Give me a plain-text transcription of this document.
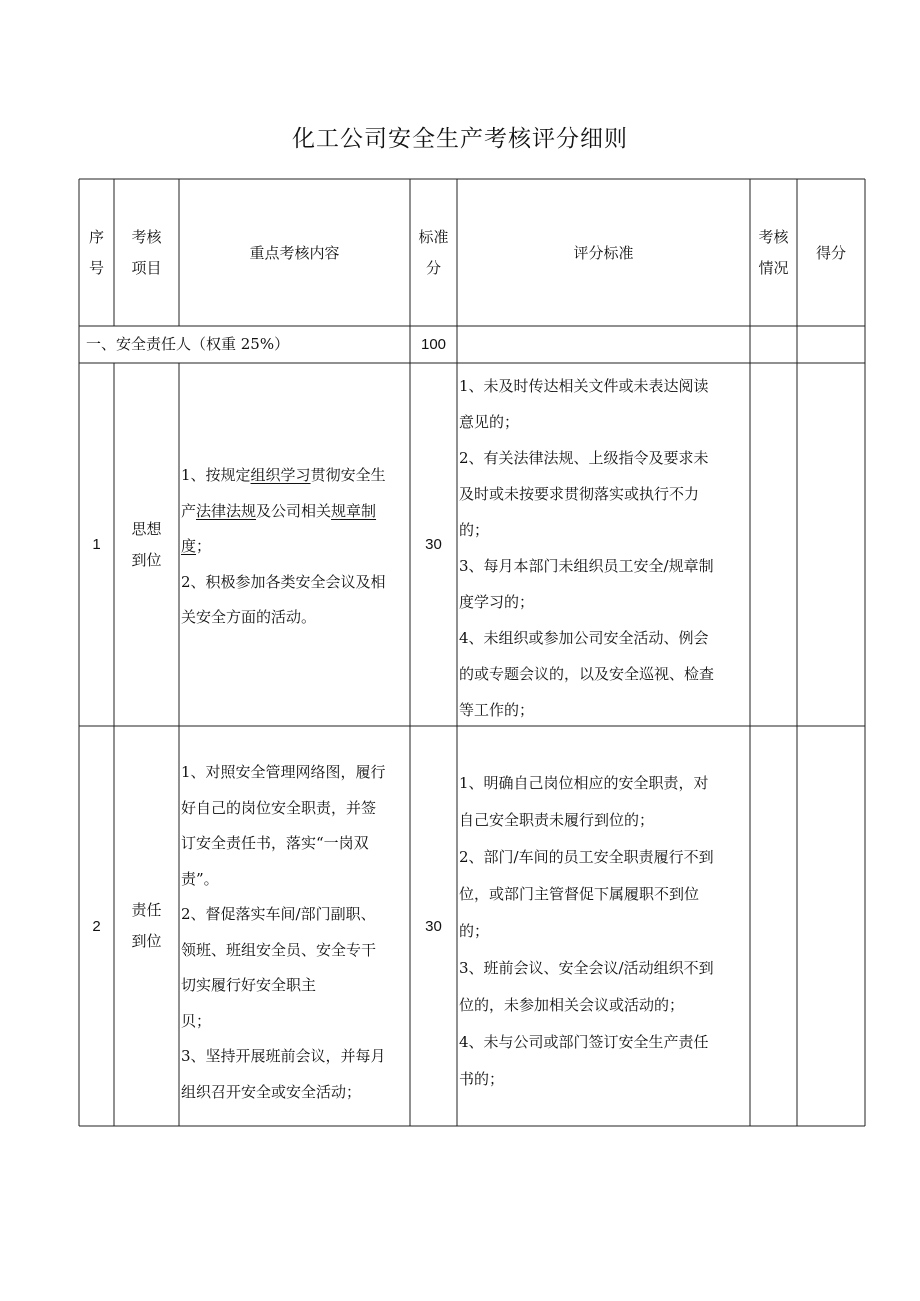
化工公司安全生产考核评分细则
序
号
考核
项目
重点考核内容
标准
分
评分标准
考核
情况
得分
一、 安全责任人（权重 25%）	100
1
思想
到位
1、按规定组织学习贯彻安全生
产法律法规及公司相关规章制
度；
2、积极参加各类安全会议及相
关安全方面的活动。
30
1、未及时传达相关文件或未表达阅读
意见的；
2、有关法律法规、上级指令及要求未
及时或未按要求贯彻落实或执行不力
的；
3、每月本部门未组织员工安全/规章制
度学习的；
4、未组织或参加公司安全活动、例会
的或专题会议的，以及安全巡视、检查
等工作的；
2
责任
到位
1、对照安全管理网络图，履行
好自己的岗位安全职责，并签
订安全责任书，落实“一岗双
责”。
2、督促落实车间/部门副职、
领班、班组安全员、安全专干
切实履行好安全职主
贝；
3、坚持开展班前会议，并每月
组织召开安全或安全活动；
30
1、明确自己岗位相应的安全职责，对
自己安全职责未履行到位的；
2、部门/车间的员工安全职责履行不到
位，或部门主管督促下属履职不到位
的；
3、班前会议、安全会议/活动组织不到
位的，未参加相关会议或活动的；
4、未与公司或部门签订安全生产责任
书的；
